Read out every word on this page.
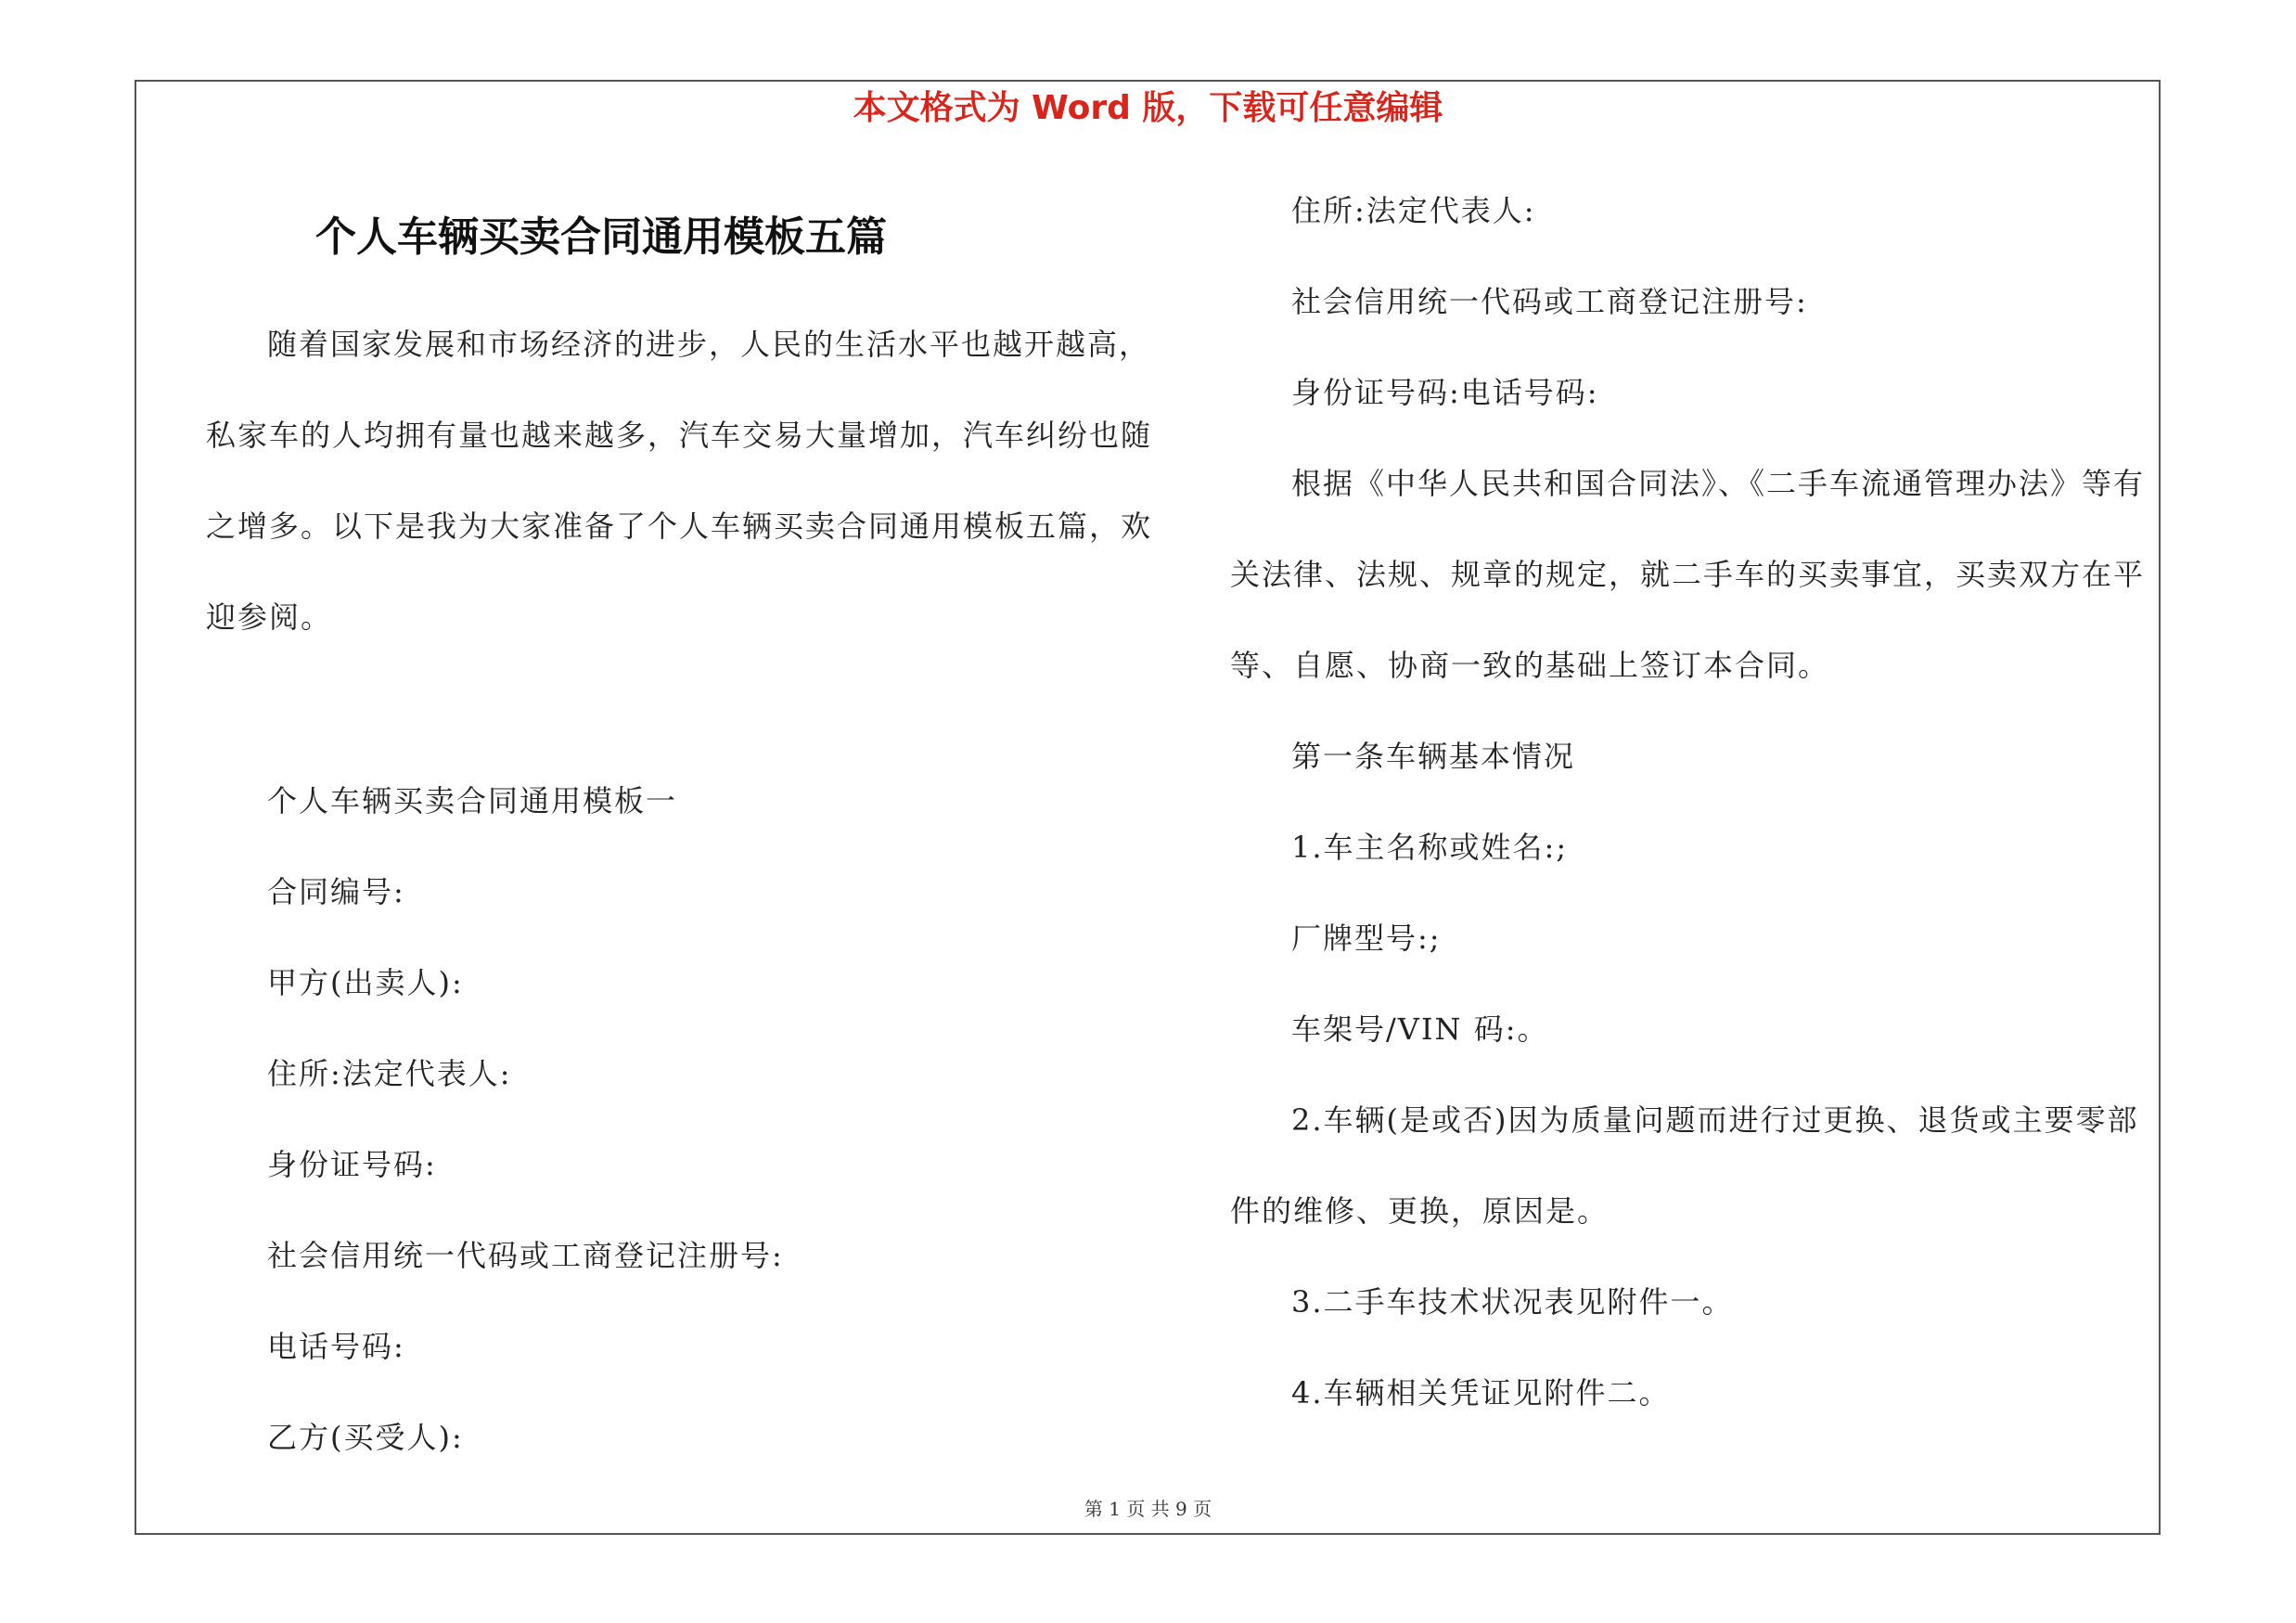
本文格式为 Word 版，下载可任意编辑
个人车辆买卖合同通用模板五篇

随着国家发展和市场经济的进步，人民的生活水平也越开越高，私家车的人均拥有量也越来越多，汽车交易大量增加，汽车纠纷也随之增多。以下是我为大家准备了个人车辆买卖合同通用模板五篇，欢迎参阅。

个人车辆买卖合同通用模板一

合同编号:

甲方(出卖人):

住所:法定代表人:

身份证号码:

社会信用统一代码或工商登记注册号:

电话号码:

乙方(买受人):

住所:法定代表人:

社会信用统一代码或工商登记注册号:

身份证号码:电话号码:

根据《中华人民共和国合同法》、《二手车流通管理办法》等有关法律、法规、规章的规定，就二手车的买卖事宜，买卖双方在平等、自愿、协商一致的基础上签订本合同。

第一条车辆基本情况

1.车主名称或姓名:;

厂牌型号:;

车架号/VIN 码:。

2.车辆(是或否)因为质量问题而进行过更换、退货或主要零部件的维修、更换，原因是。

3.二手车技术状况表见附件一。

4.车辆相关凭证见附件二。

第 1 页 共 9 页
